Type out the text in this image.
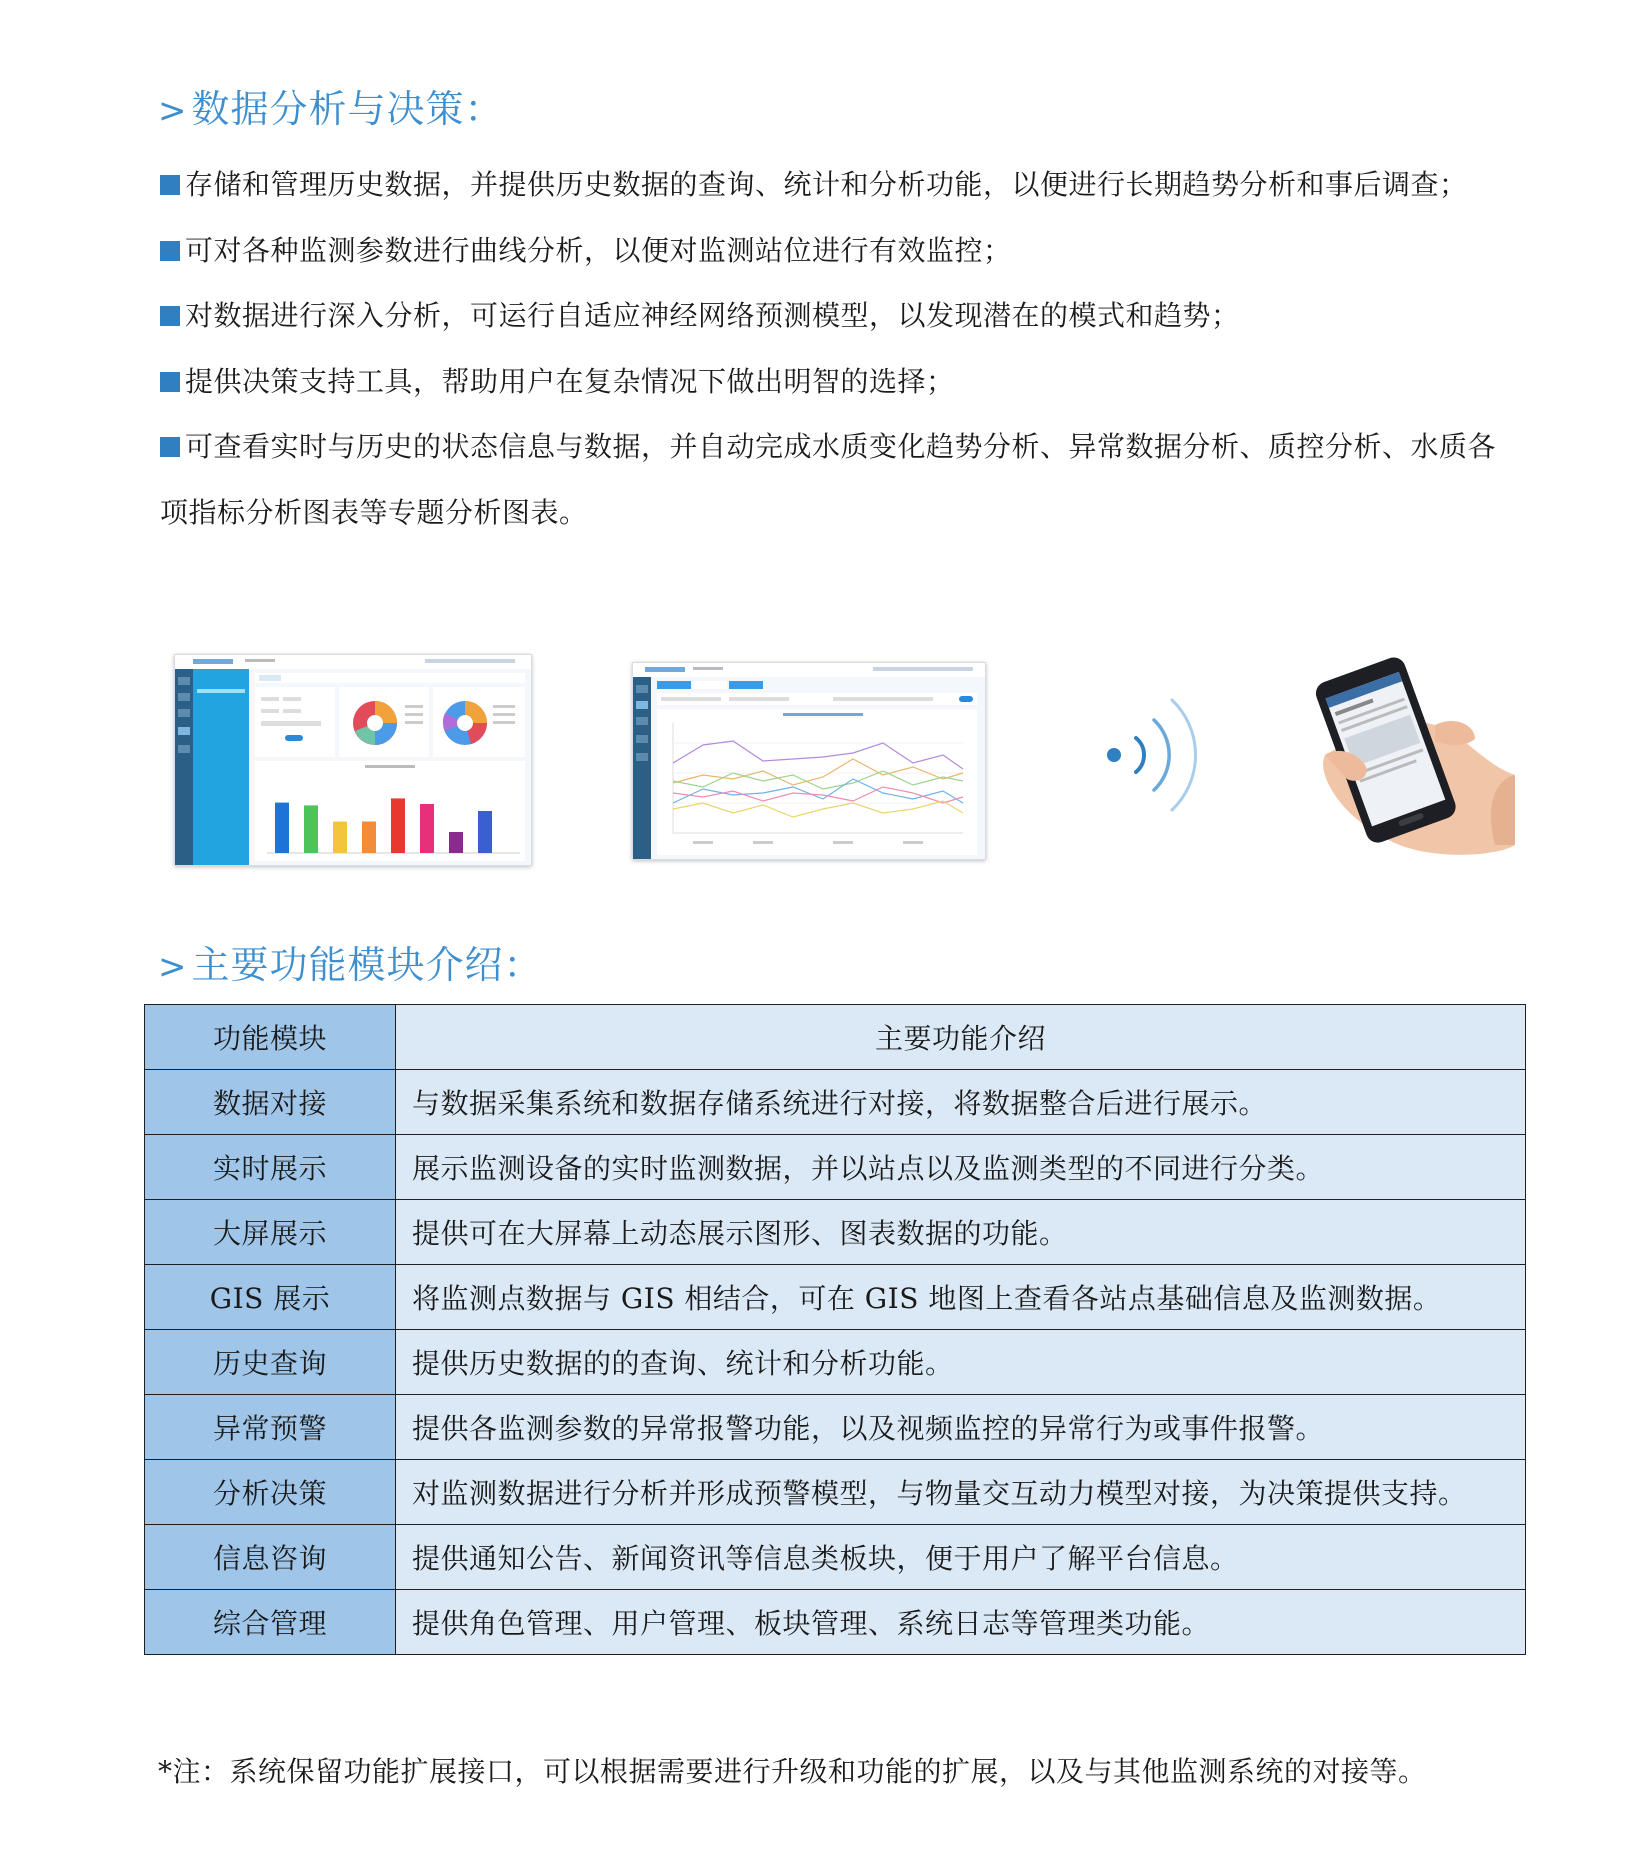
> 数据分析与决策：
存储和管理历史数据，并提供历史数据的查询、统计和分析功能，以便进行长期趋势分析和事后调查；
可对各种监测参数进行曲线分析，以便对监测站位进行有效监控；
对数据进行深入分析，可运行自适应神经网络预测模型，以发现潜在的模式和趋势；
提供决策支持工具，帮助用户在复杂情况下做出明智的选择；
可查看实时与历史的状态信息与数据，并自动完成水质变化趋势分析、异常数据分析、质控分析、水质各项指标分析图表等专题分析图表。
> 主要功能模块介绍：
功能模块	主要功能介绍
数据对接	与数据采集系统和数据存储系统进行对接，将数据整合后进行展示。
实时展示	展示监测设备的实时监测数据，并以站点以及监测类型的不同进行分类。
大屏展示	提供可在大屏幕上动态展示图形、图表数据的功能。
GIS 展示	将监测点数据与 GIS 相结合，可在 GIS 地图上查看各站点基础信息及监测数据。
历史查询	提供历史数据的的查询、统计和分析功能。
异常预警	提供各监测参数的异常报警功能，以及视频监控的异常行为或事件报警。
分析决策	对监测数据进行分析并形成预警模型，与物量交互动力模型对接，为决策提供支持。
信息咨询	提供通知公告、新闻资讯等信息类板块，便于用户了解平台信息。
综合管理	提供角色管理、用户管理、板块管理、系统日志等管理类功能。
*注：系统保留功能扩展接口，可以根据需要进行升级和功能的扩展，以及与其他监测系统的对接等。
